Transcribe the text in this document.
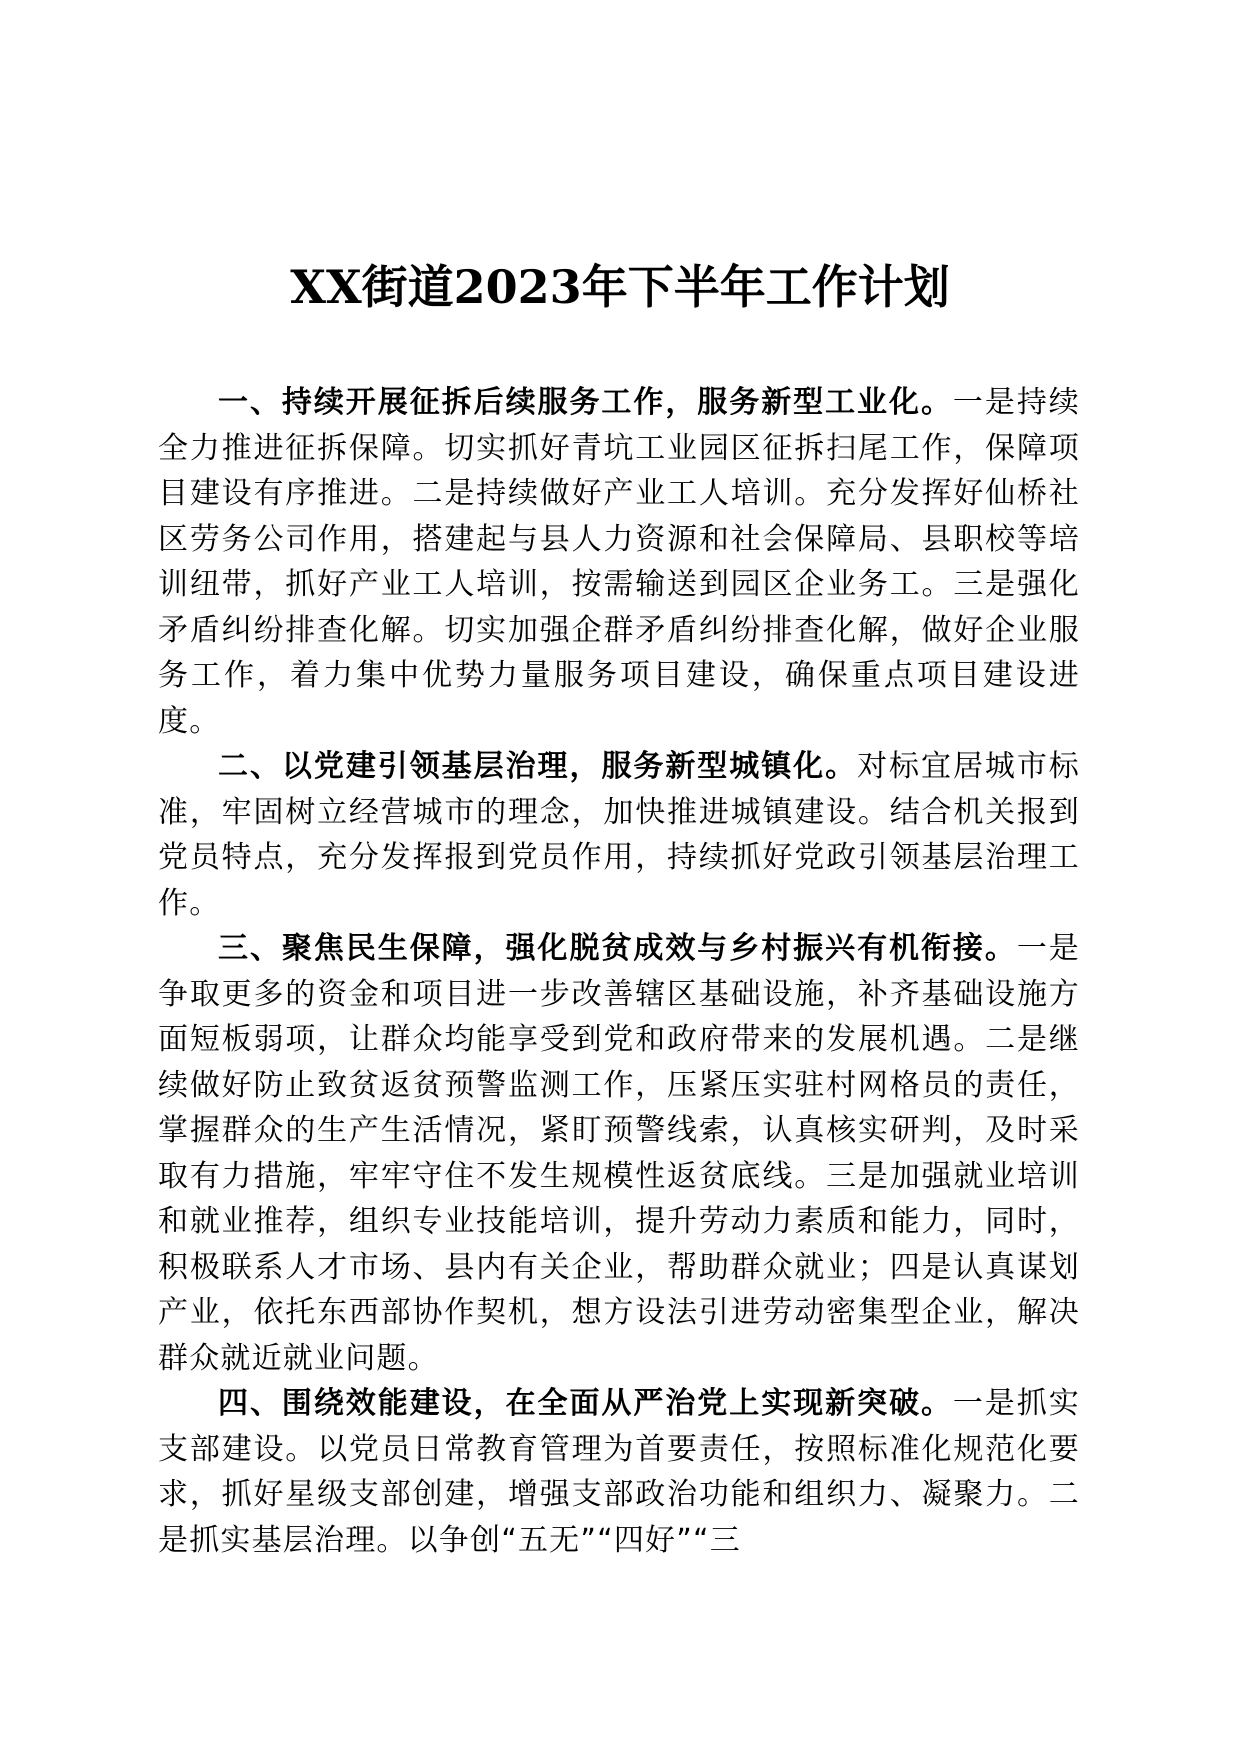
XX街道2023年下半年工作计划

一、持续开展征拆后续服务工作，服务新型工业化。一是持续全力推进征拆保障。切实抓好青坑工业园区征拆扫尾工作，保障项目建设有序推进。二是持续做好产业工人培训。充分发挥好仙桥社区劳务公司作用，搭建起与县人力资源和社会保障局、县职校等培训纽带，抓好产业工人培训，按需输送到园区企业务工。三是强化矛盾纠纷排查化解。切实加强企群矛盾纠纷排查化解，做好企业服务工作，着力集中优势力量服务项目建设，确保重点项目建设进度。

二、以党建引领基层治理，服务新型城镇化。对标宜居城市标准，牢固树立经营城市的理念，加快推进城镇建设。结合机关报到党员特点，充分发挥报到党员作用，持续抓好党政引领基层治理工作。

三、聚焦民生保障，强化脱贫成效与乡村振兴有机衔接。一是争取更多的资金和项目进一步改善辖区基础设施，补齐基础设施方面短板弱项，让群众均能享受到党和政府带来的发展机遇。二是继续做好防止致贫返贫预警监测工作，压紧压实驻村网格员的责任，掌握群众的生产生活情况，紧盯预警线索，认真核实研判，及时采取有力措施，牢牢守住不发生规模性返贫底线。三是加强就业培训和就业推荐，组织专业技能培训，提升劳动力素质和能力，同时，积极联系人才市场、县内有关企业，帮助群众就业；四是认真谋划产业，依托东西部协作契机，想方设法引进劳动密集型企业，解决群众就近就业问题。

四、围绕效能建设，在全面从严治党上实现新突破。一是抓实支部建设。以党员日常教育管理为首要责任，按照标准化规范化要求，抓好星级支部创建，增强支部政治功能和组织力、凝聚力。二是抓实基层治理。以争创“五无”“四好”“三
